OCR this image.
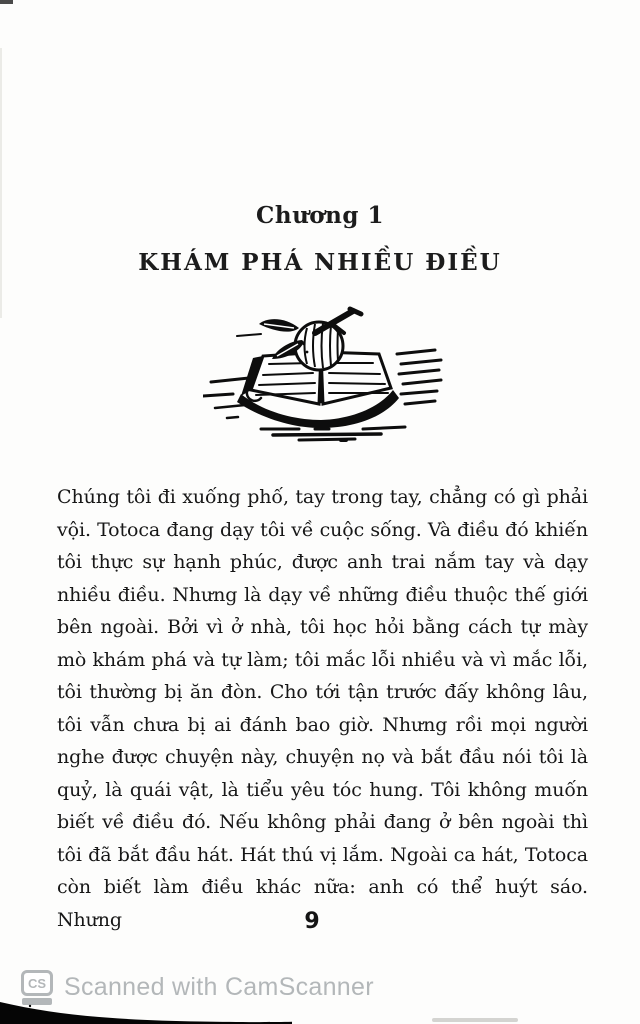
Chương 1
KHÁM PHÁ NHIỀU ĐIỀU
Chúng tôi đi xuống phố, tay trong tay, chẳng có gì phải
vội. Totoca đang dạy tôi về cuộc sống. Và điều đó khiến
tôi thực sự hạnh phúc, được anh trai nắm tay và dạy
nhiều điều. Nhưng là dạy về những điều thuộc thế giới
bên ngoài. Bởi vì ở nhà, tôi học hỏi bằng cách tự mày
mò khám phá và tự làm; tôi mắc lỗi nhiều và vì mắc lỗi,
tôi thường bị ăn đòn. Cho tới tận trước đấy không lâu,
tôi vẫn chưa bị ai đánh bao giờ. Nhưng rồi mọi người
nghe được chuyện này, chuyện nọ và bắt đầu nói tôi là
quỷ, là quái vật, là tiểu yêu tóc hung. Tôi không muốn
biết về điều đó. Nếu không phải đang ở bên ngoài thì
tôi đã bắt đầu hát. Hát thú vị lắm. Ngoài ca hát, Totoca
còn biết làm điều khác nữa: anh có thể huýt sáo. Nhưng	9
CS Scanned with CamScanner
